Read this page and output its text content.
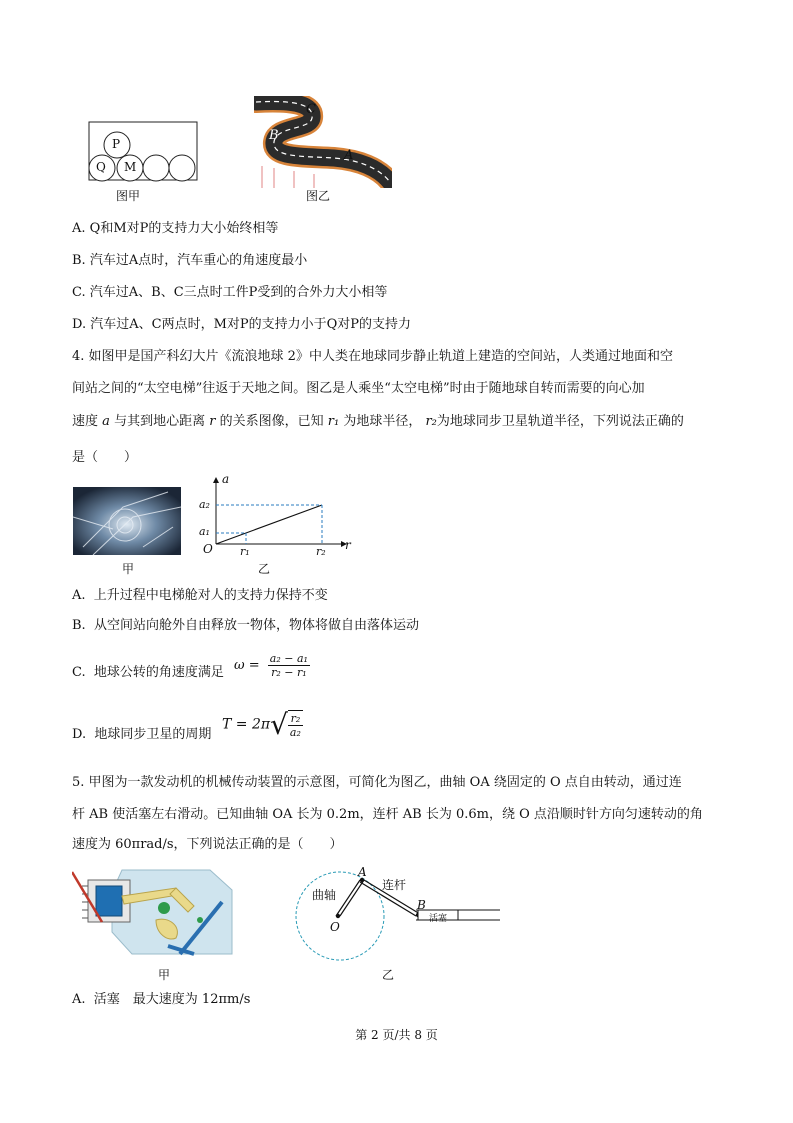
P
Q M
图甲
C
B
A
图乙
A. Q和M对P的支持力大小始终相等
B. 汽车过A点时，汽车重心的角速度最小
C. 汽车过A、B、C三点时工件P受到的合外力大小相等
D. 汽车过A、C两点时，M对P的支持力小于Q对P的支持力
4. 如图甲是国产科幻大片《流浪地球 2》中人类在地球同步静止轨道上建造的空间站，人类通过地面和空
间站之间的“太空电梯”往返于天地之间。图乙是人乘坐“太空电梯”时由于随地球自转而需要的向心加
速度 a 与其到地心距离 r 的关系图像，已知 r₁ 为地球半径， r₂为地球同步卫星轨道半径，下列说法正确的
是（　　）
甲
a
r
O
a₂
a₁
r₁	r₂
乙
A. 上升过程中电梯舱对人的支持力保持不变
B. 从空间站向舱外自由释放一物体，物体将做自由落体运动
C. 地球公转的角速度满足 $\omega = \frac{\text{a₂ − a₁}}{\text{r₂ − r₁}}$
D. 地球同步卫星的周期
$T = 2\pi√ \frac{\text{r₂}}{\text{a₂}}$
5. 甲图为一款发动机的机械传动装置的示意图，可简化为图乙，曲轴 OA 绕固定的 O 点自由转动，通过连
杆 AB 使活塞左右滑动。已知曲轴 OA 长为 0.2m，连杆 AB 长为 0.6m，绕 O 点沿顺时针方向匀速转动的角
速度为 60πrad/s，下列说法正确的是（　　）
甲
曲轴
连杆
活塞
A
B
O
乙
A. 活塞　最大速度为 12πm/s
第 2 页/共 8 页
